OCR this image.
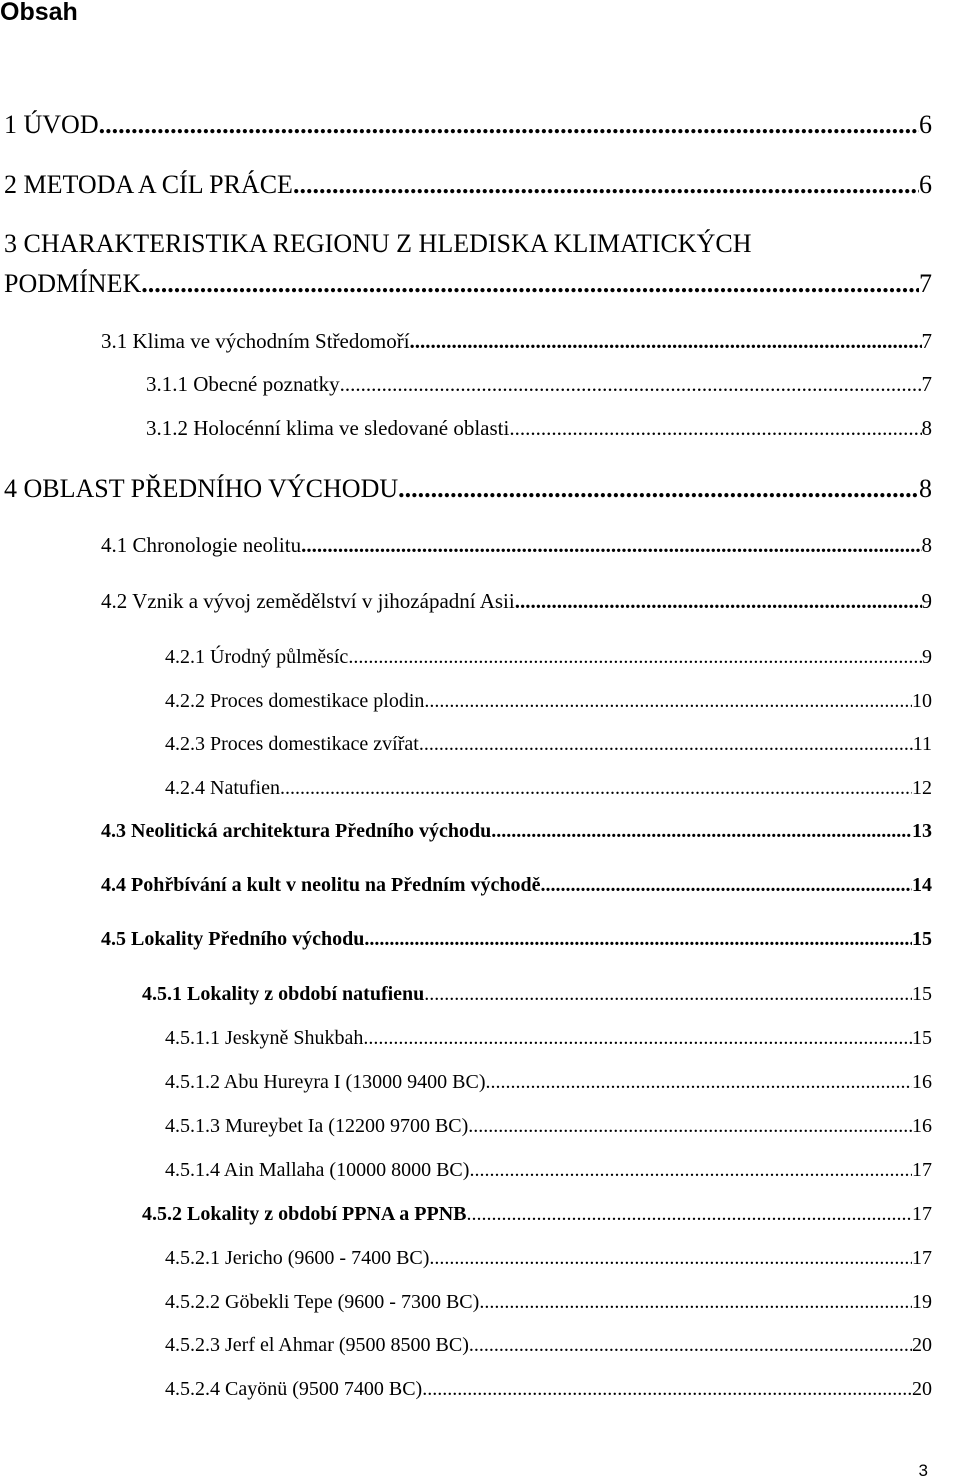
Obsah
1 ÚVOD .....	6
2 METODA A CÍL PRÁCE .....	6
3 CHARAKTERISTIKA REGIONU Z HLEDISKA KLIMATICKÝCH
PODMÍNEK .....	7
3.1 Klima ve východním Středomoří .....	7
3.1.1 Obecné poznatky .....	7
3.1.2 Holocénní klima ve sledované oblasti .....	8
4 OBLAST PŘEDNÍHO VÝCHODU .....	8
4.1 Chronologie neolitu .....	8
4.2 Vznik a vývoj zemědělství v jihozápadní Asii .....	9
4.2.1 Úrodný půlměsíc .....	9
4.2.2 Proces domestikace plodin .....	10
4.2.3 Proces domestikace zvířat .....	11
4.2.4 Natufien .....	12
4.3 Neolitická architektura Předního východu .....	13
4.4 Pohřbívání a kult v neolitu na Předním východě .....	14
4.5 Lokality Předního východu .....	15
4.5.1 Lokality z období natufienu .....	15
4.5.1.1 Jeskyně Shukbah .....	15
4.5.1.2 Abu Hureyra I (13000 9400 BC) .....	16
4.5.1.3 Mureybet Ia (12200 9700 BC) .....	16
4.5.1.4 Ain Mallaha (10000 8000 BC) .....	17
4.5.2 Lokality z období PPNA a PPNB .....	17
4.5.2.1 Jericho (9600 - 7400 BC) .....	17
4.5.2.2 Göbekli Tepe (9600 - 7300 BC) .....	19
4.5.2.3 Jerf el Ahmar (9500 8500 BC) .....	20
4.5.2.4 Cayönü (9500 7400 BC) .....	20
3
